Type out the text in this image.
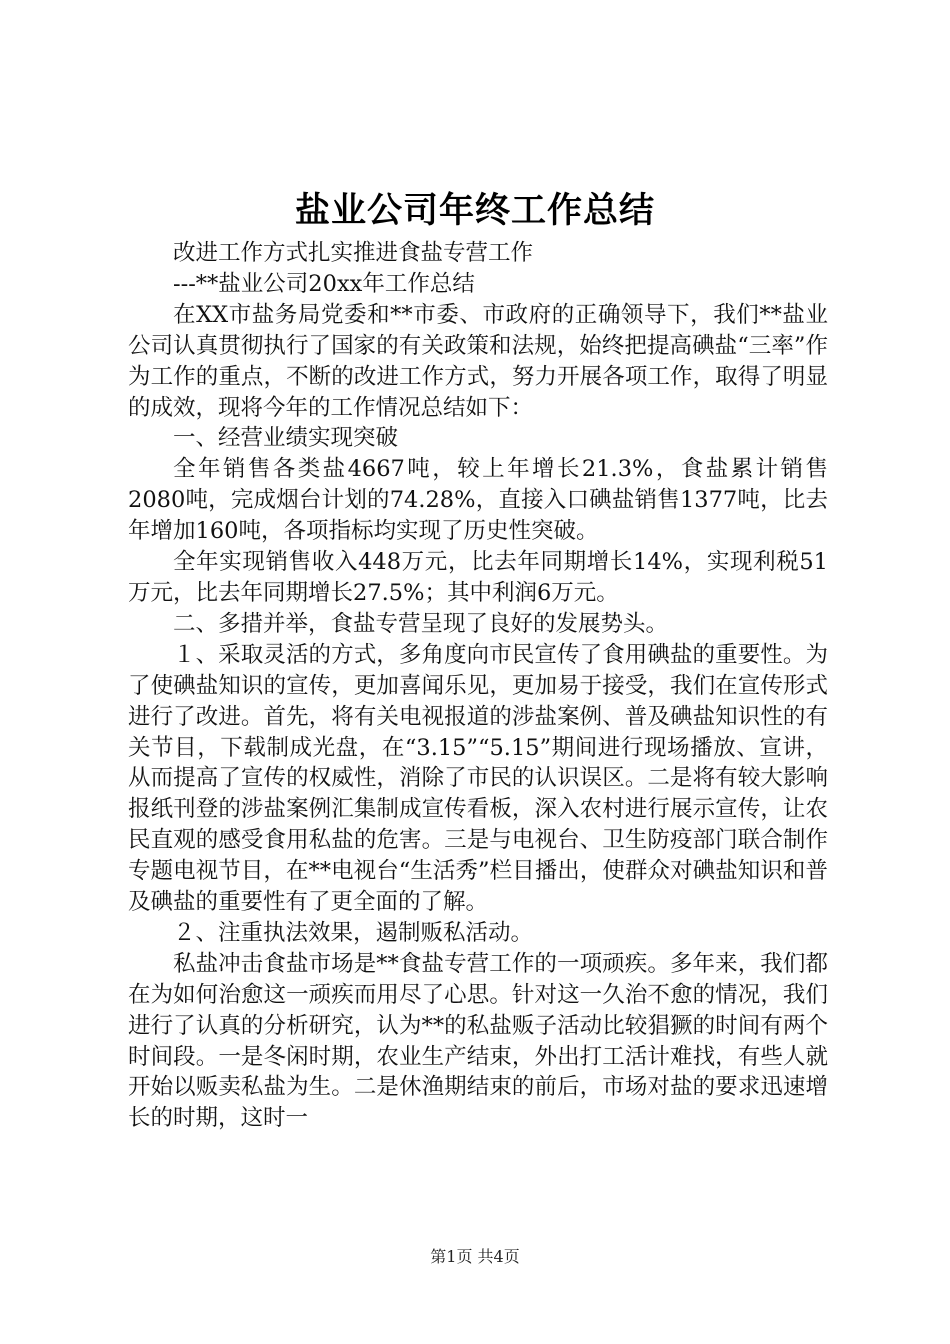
盐业公司年终工作总结

改进工作方式扎实推进食盐专营工作

---**盐业公司20xx年工作总结

在XX市盐务局党委和**市委、市政府的正确领导下，我们**盐业公司认真贯彻执行了国家的有关政策和法规，始终把提高碘盐“三率”作为工作的重点，不断的改进工作方式，努力开展各项工作，取得了明显的成效，现将今年的工作情况总结如下：

一、经营业绩实现突破

全年销售各类盐4667吨，较上年增长21.3%，食盐累计销售2080吨，完成烟台计划的74.28%，直接入口碘盐销售1377吨，比去年增加160吨，各项指标均实现了历史性突破。

全年实现销售收入448万元，比去年同期增长14%，实现利税51万元，比去年同期增长27.5%；其中利润6万元。

二、多措并举，食盐专营呈现了良好的发展势头。

１、采取灵活的方式，多角度向市民宣传了食用碘盐的重要性。为了使碘盐知识的宣传，更加喜闻乐见，更加易于接受，我们在宣传形式进行了改进。首先，将有关电视报道的涉盐案例、普及碘盐知识性的有关节目，下载制成光盘，在“3.15”“5.15”期间进行现场播放、宣讲，从而提高了宣传的权威性，消除了市民的认识误区。二是将有较大影响报纸刊登的涉盐案例汇集制成宣传看板，深入农村进行展示宣传，让农民直观的感受食用私盐的危害。三是与电视台、卫生防疫部门联合制作专题电视节目，在**电视台“生活秀”栏目播出，使群众对碘盐知识和普及碘盐的重要性有了更全面的了解。

２、注重执法效果，遏制贩私活动。

私盐冲击食盐市场是**食盐专营工作的一项顽疾。多年来，我们都在为如何治愈这一顽疾而用尽了心思。针对这一久治不愈的情况，我们进行了认真的分析研究，认为**的私盐贩子活动比较猖獗的时间有两个时间段。一是冬闲时期，农业生产结束，外出打工活计难找，有些人就开始以贩卖私盐为生。二是休渔期结束的前后，市场对盐的要求迅速增长的时期，这时一

第1页 共4页
